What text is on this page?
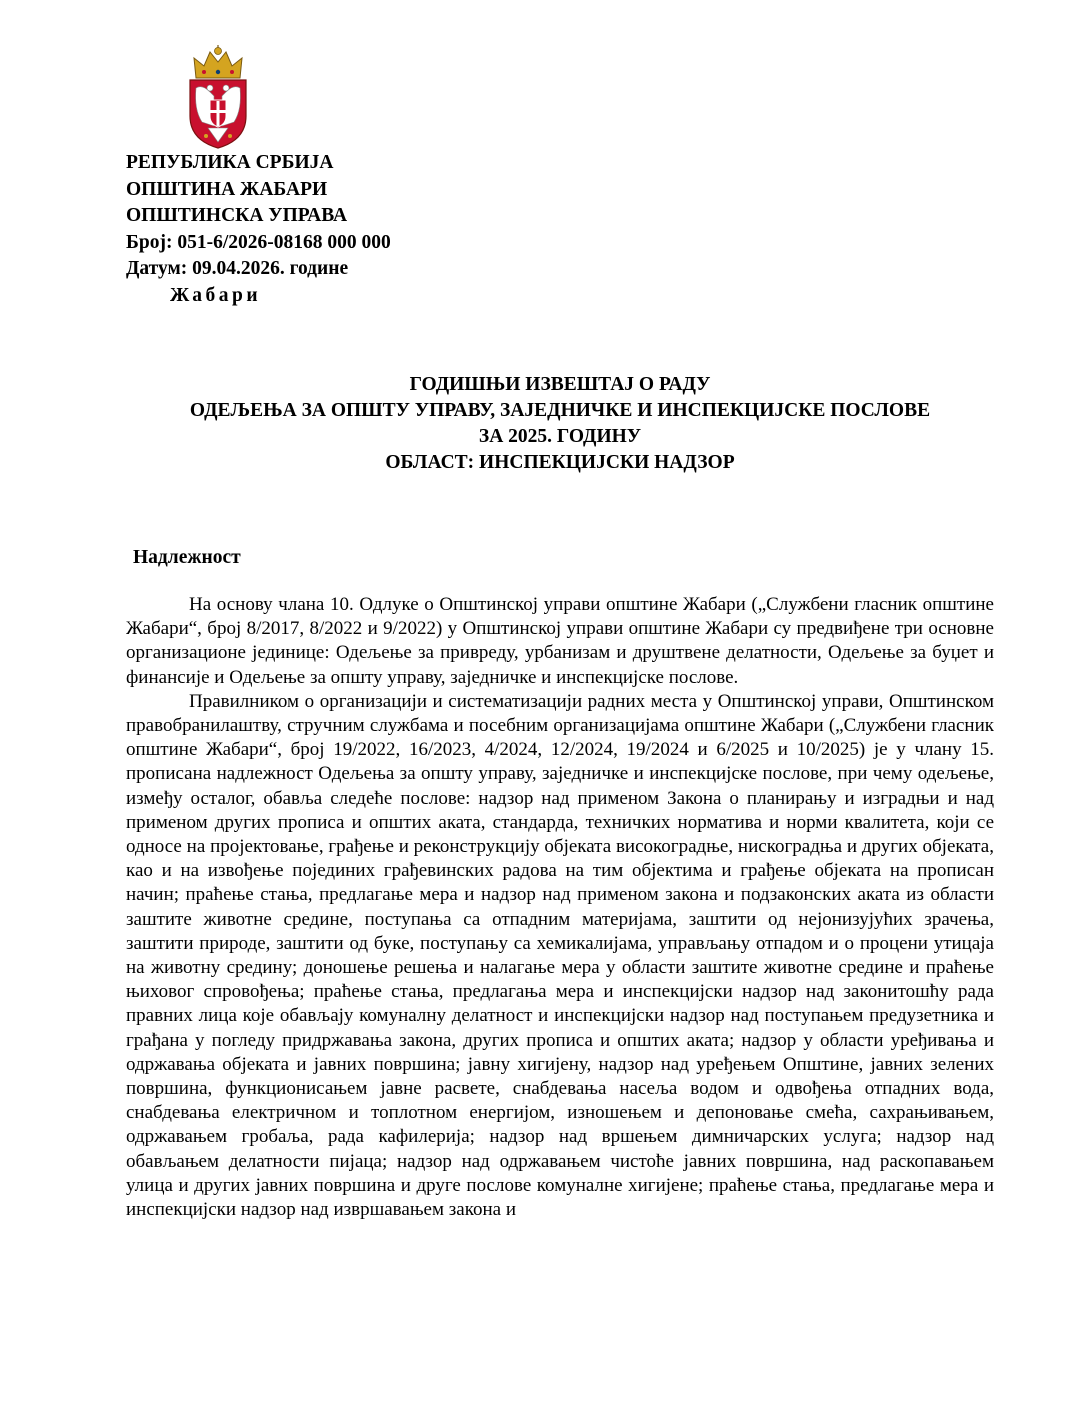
РЕПУБЛИКА СРБИЈА
ОПШТИНА ЖАБАРИ
ОПШТИНСКА УПРАВА
Број: 051-6/2026-08168 000 000
Датум: 09.04.2026. године
Жабари
ГОДИШЊИ ИЗВЕШТАЈ О РАДУ
ОДЕЉЕЊА ЗА ОПШТУ УПРАВУ, ЗАЈЕДНИЧКЕ И ИНСПЕКЦИЈСКЕ ПОСЛОВЕ
ЗА 2025. ГОДИНУ
ОБЛАСТ: ИНСПЕКЦИЈСКИ НАДЗОР
Надлежност

На основу члана 10. Одлуке о Општинској управи општине Жабари („Службени гласник општине Жабари“, број 8/2017, 8/2022 и 9/2022) у Општинској управи општине Жабари су предвиђене три основне организационе јединице: Одељење за привреду, урбанизам и друштвене делатности, Одељење за буџет и финансије и Одељење за општу управу, заједничке и инспекцијске послове.

Правилником о организацији и систематизацији радних места у Општинској управи, Општинском правобранилаштву, стручним службама и посебним организацијама општине Жабари („Службени гласник општине Жабари“, број 19/2022, 16/2023, 4/2024, 12/2024, 19/2024 и 6/2025 и 10/2025) је у члану 15. прописана надлежност Одељења за општу управу, заједничке и инспекцијске послове, при чему одељење, између осталог, обавља следеће послове: надзор над применом Закона о планирању и изградњи и над применом других прописа и општих аката, стандарда, техничких норматива и норми квалитета, који се односе на пројектовање, грађење и реконструкцију објеката високоградње, нискоградња и других објеката, као и на извођење појединих грађевинских радова на тим објектима и грађење објеката на прописан начин; праћење стања, предлагање мера и надзор над применом закона и подзаконских аката из области заштите животне средине, поступања са отпадним материјама, заштити од нејонизујућих зрачења, заштити природе, заштити од буке, поступању са хемикалијама, управљању отпадом и о процени утицаја на животну средину; доношење решења и налагање мера у области заштите животне средине и праћење њиховог спровођења; праћење стања, предлагања мера и инспекцијски надзор над законитошћу рада правних лица које обављају комуналну делатност и инспекцијски надзор над поступањем предузетника и грађана у погледу придржавања закона, других прописа и општих аката; надзор у области уређивања и одржавања објеката и јавних површина; јавну хигијену, надзор над уређењем Општине, јавних зелених површина, функционисањем јавне расвете, снабдевања насеља водом и одвођења отпадних вода, снабдевања електричном и топлотном енергијом, изношењем и депоновање смећа, сахрањивањем, одржавањем гробаља, рада кафилерија; надзор над вршењем димничарских услуга; надзор над обављањем делатности пијаца; надзор над одржавањем чистоће јавних површина, над раскопавањем улица и других јавних површина и друге послове комуналне хигијене; праћење стања, предлагање мера и инспекцијски надзор над извршавањем закона и
